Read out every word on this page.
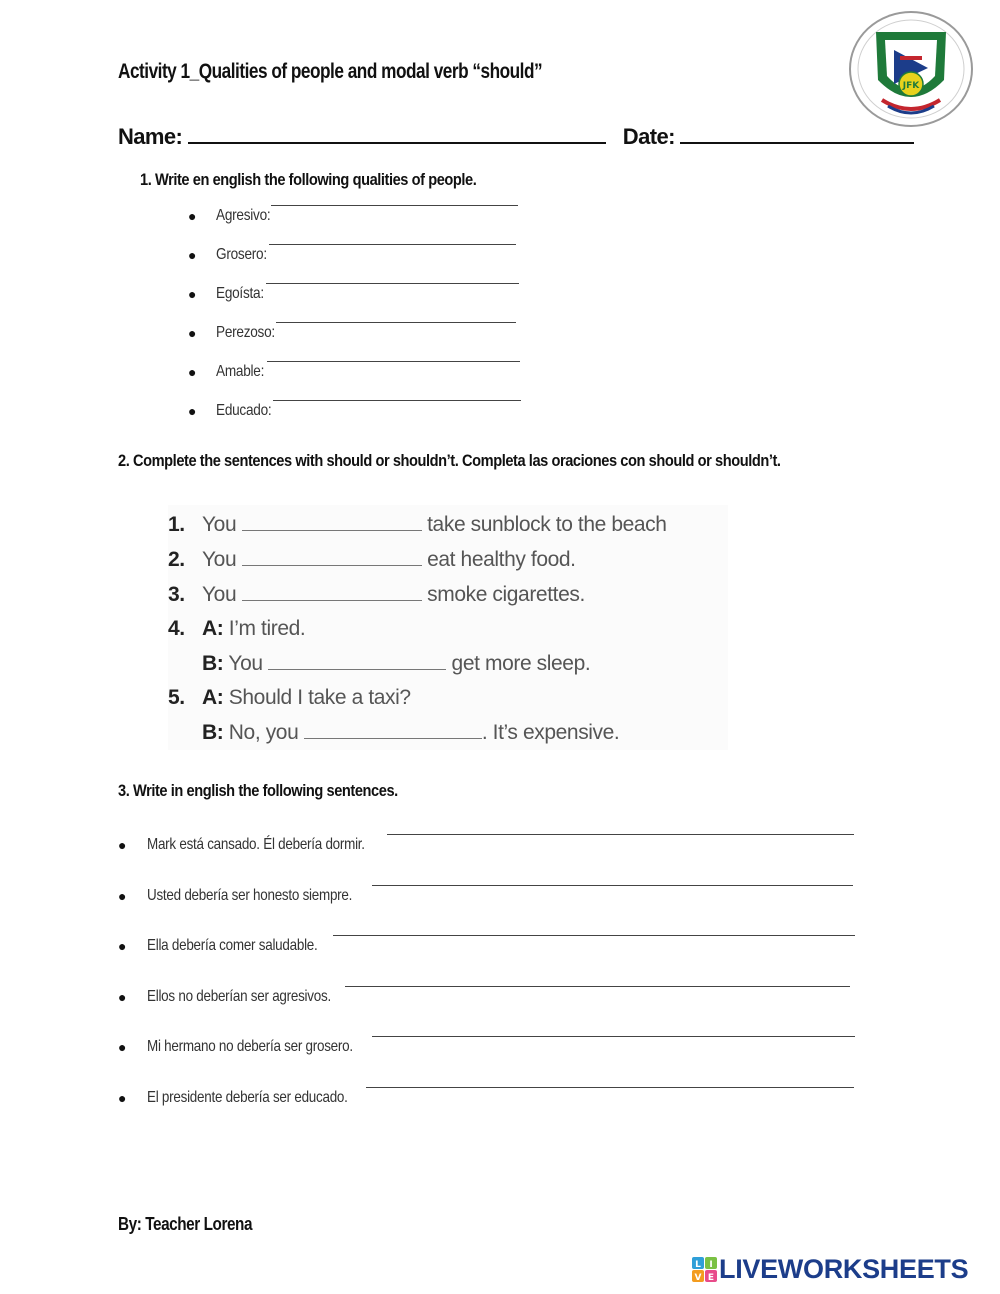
JFK
Activity 1_Qualities of people and modal verb “should”
Name:	Date:
1. Write en english the following qualities of people.
●	Agresivo:
●	Grosero:
●	Egoísta:
●	Perezoso:
●	Amable:
●	Educado:
2. Complete the sentences with should or shouldn’t. Completa las oraciones con should or shouldn’t.
1. You	take sunblock to the beach
2. You	eat healthy food.
3. You	smoke cigarettes.
4. A: I’m tired.
B: You	get more sleep.
5. A: Should I take a taxi?
B: No, you	. It’s expensive.
3. Write in english the following sentences.
●	Mark está cansado. Él debería dormir.
●	Usted debería ser honesto siempre.
●	Ella debería comer saludable.
●	Ellos no deberían ser agresivos.
●	Mi hermano no debería ser grosero.
●	El presidente debería ser educado.
By: Teacher Lorena
L I
V E LIVEWORKSHEETS
